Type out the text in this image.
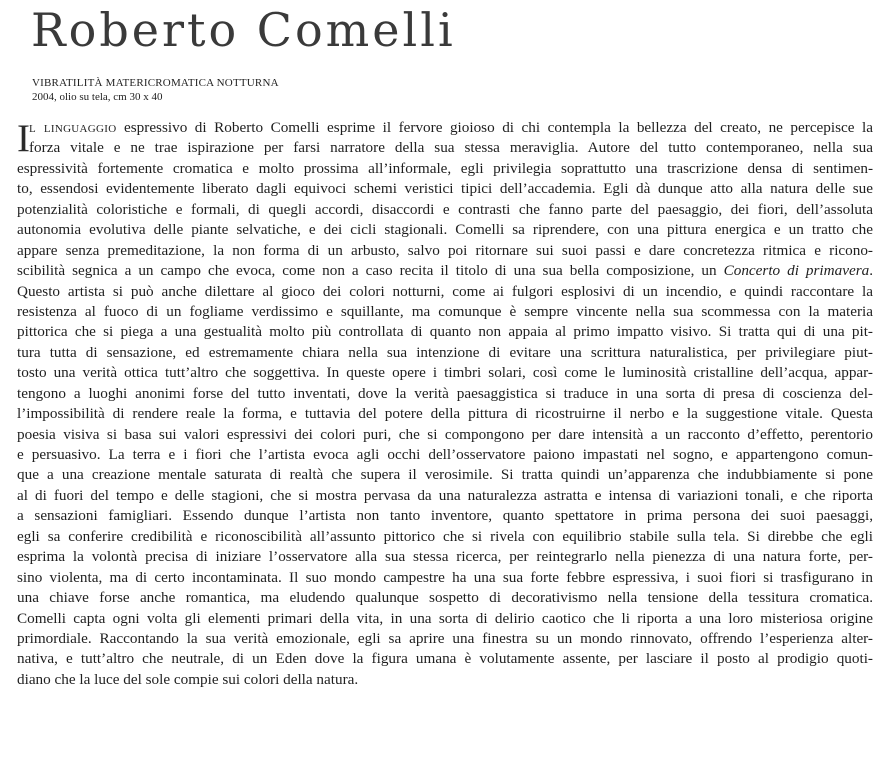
Roberto Comelli
VIBRATILITÀ MATERICROMATICA NOTTURNA
2004, olio su tela, cm 30 x 40
I l linguaggio espressivo di Roberto Comelli esprime il fervore gioioso di chi contempla la bellezza del creato, ne percepisce la
forza vitale e ne trae ispirazione per farsi narratore della sua stessa meraviglia. Autore del tutto contemporaneo, nella sua
espressività fortemente cromatica e molto prossima all’informale, egli privilegia soprattutto una trascrizione densa di sentimen-
to, essendosi evidentemente liberato dagli equivoci schemi veristici tipici dell’accademia. Egli dà dunque atto alla natura delle sue
potenzialità coloristiche e formali, di quegli accordi, disaccordi e contrasti che fanno parte del paesaggio, dei fiori, dell’assoluta
autonomia evolutiva delle piante selvatiche, e dei cicli stagionali. Comelli sa riprendere, con una pittura energica e un tratto che
appare senza premeditazione, la non forma di un arbusto, salvo poi ritornare sui suoi passi e dare concretezza ritmica e ricono-
scibilità segnica a un campo che evoca, come non a caso recita il titolo di una sua bella composizione, un Concerto di primavera.
Questo artista si può anche dilettare al gioco dei colori notturni, come ai fulgori esplosivi di un incendio, e quindi raccontare la
resistenza al fuoco di un fogliame verdissimo e squillante, ma comunque è sempre vincente nella sua scommessa con la materia
pittorica che si piega a una gestualità molto più controllata di quanto non appaia al primo impatto visivo. Si tratta qui di una pit-
tura tutta di sensazione, ed estremamente chiara nella sua intenzione di evitare una scrittura naturalistica, per privilegiare piut-
tosto una verità ottica tutt’altro che soggettiva. In queste opere i timbri solari, così come le luminosità cristalline dell’acqua, appar-
tengono a luoghi anonimi forse del tutto inventati, dove la verità paesaggistica si traduce in una sorta di presa di coscienza del-
l’impossibilità di rendere reale la forma, e tuttavia del potere della pittura di ricostruirne il nerbo e la suggestione vitale. Questa
poesia visiva si basa sui valori espressivi dei colori puri, che si compongono per dare intensità a un racconto d’effetto, perentorio
e persuasivo. La terra e i fiori che l’artista evoca agli occhi dell’osservatore paiono impastati nel sogno, e appartengono comun-
que a una creazione mentale saturata di realtà che supera il verosimile. Si tratta quindi un’apparenza che indubbiamente si pone
al di fuori del tempo e delle stagioni, che si mostra pervasa da una naturalezza astratta e intensa di variazioni tonali, e che riporta
a sensazioni famigliari. Essendo dunque l’artista non tanto inventore, quanto spettatore in prima persona dei suoi paesaggi,
egli sa conferire credibilità e riconoscibilità all’assunto pittorico che si rivela con equilibrio stabile sulla tela. Si direbbe che egli
esprima la volontà precisa di iniziare l’osservatore alla sua stessa ricerca, per reintegrarlo nella pienezza di una natura forte, per-
sino violenta, ma di certo incontaminata. Il suo mondo campestre ha una sua forte febbre espressiva, i suoi fiori si trasfigurano in
una chiave forse anche romantica, ma eludendo qualunque sospetto di decorativismo nella tensione della tessitura cromatica.
Comelli capta ogni volta gli elementi primari della vita, in una sorta di delirio caotico che li riporta a una loro misteriosa origine
primordiale. Raccontando la sua verità emozionale, egli sa aprire una finestra su un mondo rinnovato, offrendo l’esperienza alter-
nativa, e tutt’altro che neutrale, di un Eden dove la figura umana è volutamente assente, per lasciare il posto al prodigio quoti-
diano che la luce del sole compie sui colori della natura.
